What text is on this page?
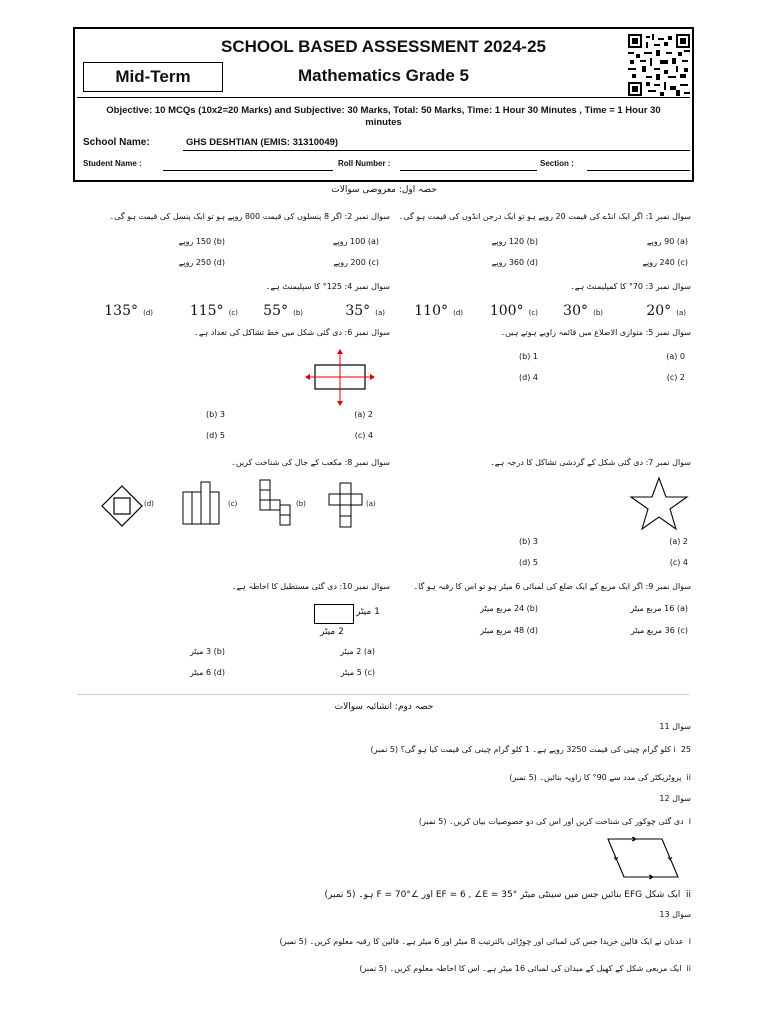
SCHOOL BASED ASSESSMENT 2024-25
Mid-Term	Mathematics Grade 5
Objective: 10 MCQs (10x2=20 Marks) and Subjective: 30 Marks, Total: 50 Marks, Time: 1 Hour 30 Minutes , Time = 1 Hour 30
minutes
School Name:	GHS DESHTIAN (EMIS: 31310049)
Student Name :	Roll Number :	Section :
حصہ اول: معروضی سوالات
سوال نمبر 1: اگر ایک انڈے کی قیمت 20 روپے ہو تو ایک درجن انڈوں کی قیمت ہو گی۔
(a) 90 روپے
(b) 120 روپے
(c) 240 روپے
(d) 360 روپے
سوال نمبر 2: اگر 8 پنسلوں کی قیمت 800 روپے ہو تو ایک پنسل کی قیمت ہو گی۔
(a) 100 روپے
(b) 150 روپے
(c) 200 روپے
(d) 250 روپے
سوال نمبر 3: 70° کا کمپلیمنٹ ہے۔
20° (a)
30° (b)
100° (c)
110° (d)
سوال نمبر 4: 125° کا سپلیمنٹ ہے۔
35° (a)
55° (b)
115° (c)
135° (d)
سوال نمبر 5: متوازی الاضلاع میں قائمہ زاویے ہوتے ہیں۔
0 (a)
1 (b)
2 (c)
4 (d)
سوال نمبر 6: دی گئی شکل میں خط تشاکل کی تعداد ہے۔
2 (a)
3 (b)
4 (c)
5 (d)
سوال نمبر 7: دی گئی شکل کے گردشی تشاکل کا درجہ ہے۔
2 (a)
3 (b)
4 (c)
5 (d)
سوال نمبر 8: مکعب کے جال کی شناخت کریں۔
(a)
(b)
(c)
(d)
سوال نمبر 9: اگر ایک مربع کے ایک ضلع کی لمبائی 6 میٹر ہو تو اس کا رقبہ ہو گا۔
(a) 16 مربع میٹر
(b) 24 مربع میٹر
(c) 36 مربع میٹر
(d) 48 مربع میٹر
سوال نمبر 10: دی گئی مستطیل کا احاطہ ہے۔
1 میٹر
2 میٹر
(a) 2 میٹر
(b) 3 میٹر
(c) 5 میٹر
(d) 6 میٹر
حصہ دوم: انشائیہ سوالات
سوال 11
i  25 کلو گرام چینی کی قیمت 3250 روپے ہے۔ 1 کلو گرام چینی کی قیمت کیا ہو گی؟ (5 نمبر)
ii  پروٹریکٹر کی مدد سے 90° کا زاویہ بنائیں۔ (5 نمبر)
سوال 12
i  دی گئی چوکور کی شناخت کریں اور اس کی دو خصوصیات بیان کریں۔ (5 نمبر)
ii  ایک شکل EFG بنائیں جس میں سینٹی میٹر EF = 6 , ∠E = 35° اور ∠F = 70° ہو۔ (5 نمبر)
سوال 13
i  عدنان نے ایک قالین خریدا جس کی لمبائی اور چوڑائی بالترتیب 8 میٹر اور 6 میٹر ہے۔ قالین کا رقبہ معلوم کریں۔ (5 نمبر)
ii  ایک مربعی شکل کے کھیل کے میدان کی لمبائی 16 میٹر ہے۔ اس کا احاطہ معلوم کریں۔ (5 نمبر)
